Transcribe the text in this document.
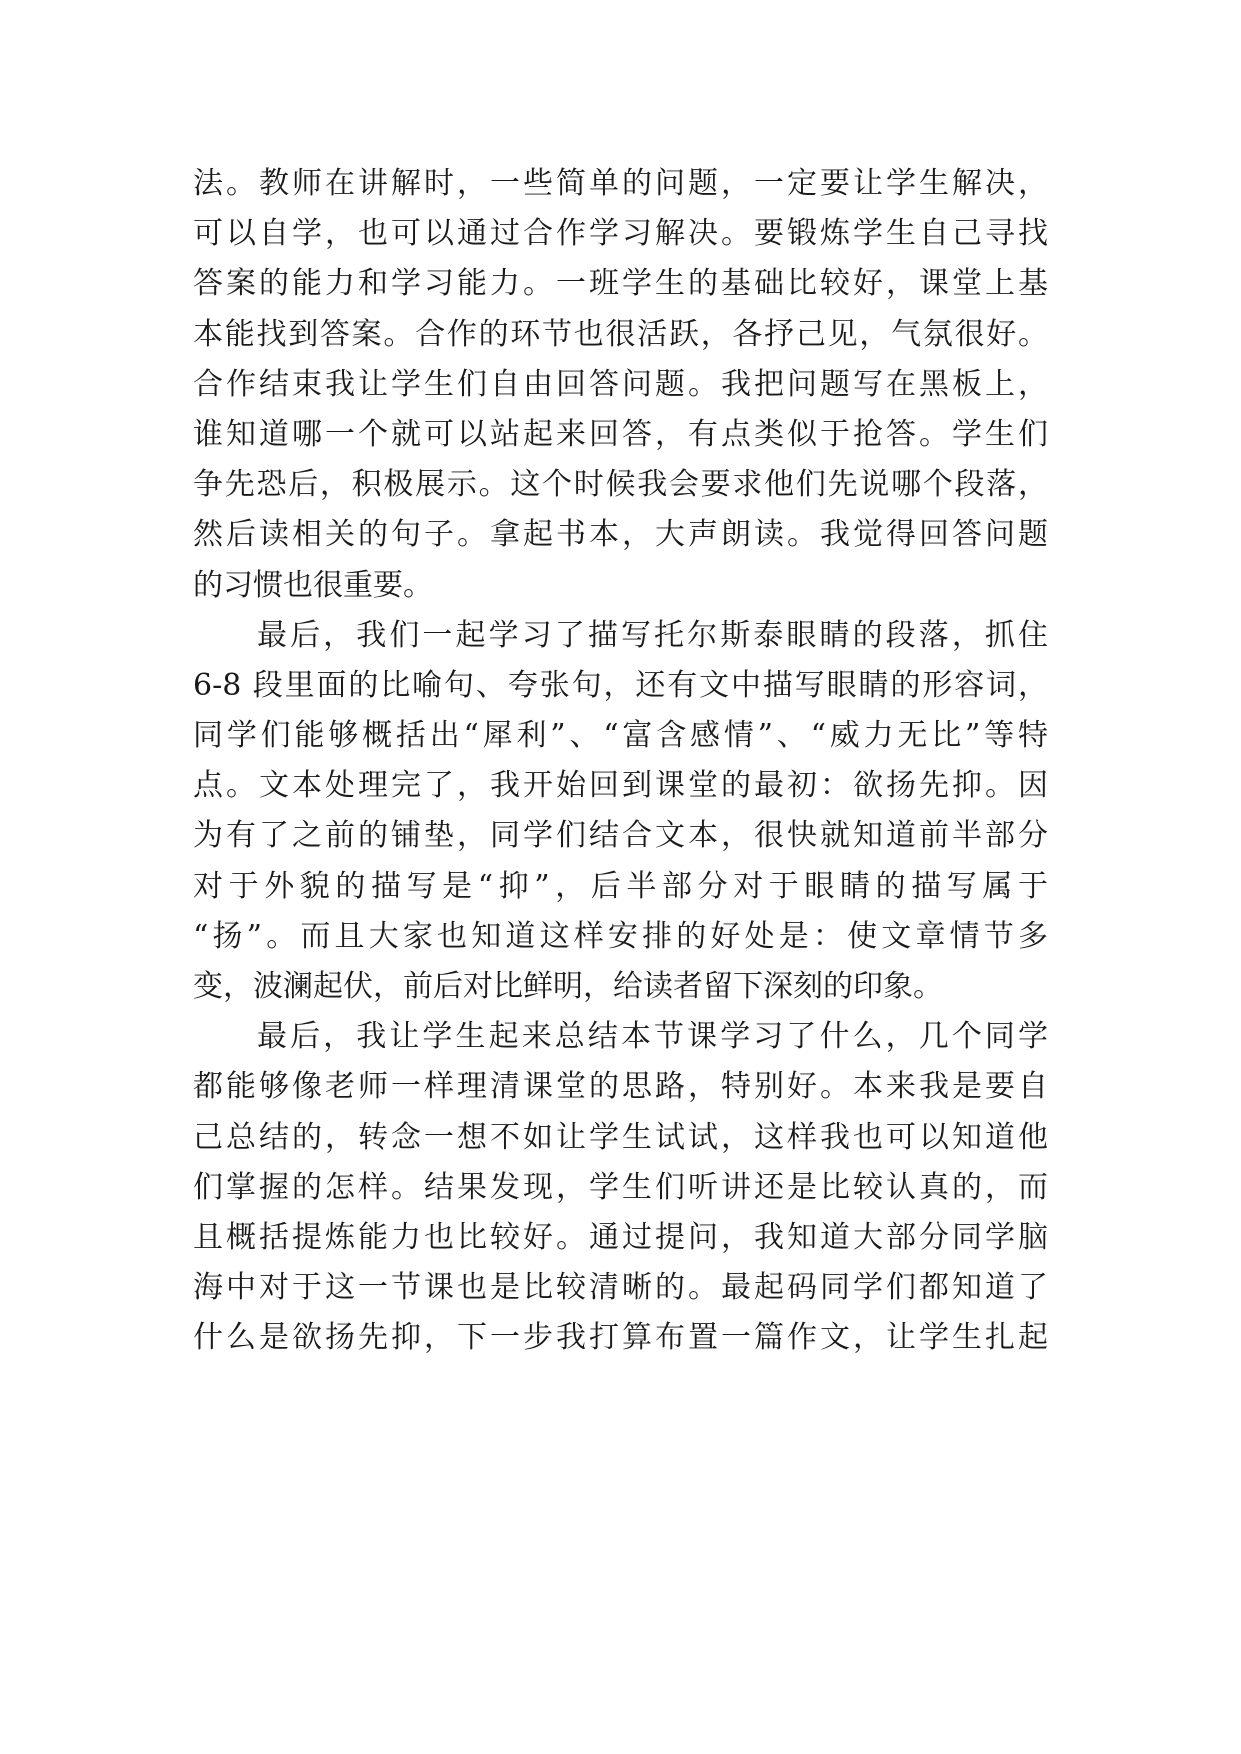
法。教师在讲解时，一些简单的问题，一定要让学生解决，
可以自学，也可以通过合作学习解决。要锻炼学生自己寻找
答案的能力和学习能力。一班学生的基础比较好，课堂上基
本能找到答案。合作的环节也很活跃，各抒己见，气氛很好。
合作结束我让学生们自由回答问题。我把问题写在黑板上，
谁知道哪一个就可以站起来回答，有点类似于抢答。学生们
争先恐后，积极展示。这个时候我会要求他们先说哪个段落，
然后读相关的句子。拿起书本，大声朗读。我觉得回答问题
的习惯也很重要。

最后，我们一起学习了描写托尔斯泰眼睛的段落，抓住
6-8 段里面的比喻句、夸张句，还有文中描写眼睛的形容词，
同学们能够概括出“犀利”、“富含感情”、“威力无比”等特
点。文本处理完了，我开始回到课堂的最初：欲扬先抑。因
为有了之前的铺垫，同学们结合文本，很快就知道前半部分
对于外貌的描写是“抑”，后半部分对于眼睛的描写属于
“扬”。而且大家也知道这样安排的好处是：使文章情节多
变，波澜起伏，前后对比鲜明，给读者留下深刻的印象。

最后，我让学生起来总结本节课学习了什么，几个同学
都能够像老师一样理清课堂的思路，特别好。本来我是要自
己总结的，转念一想不如让学生试试，这样我也可以知道他
们掌握的怎样。结果发现，学生们听讲还是比较认真的，而
且概括提炼能力也比较好。通过提问，我知道大部分同学脑
海中对于这一节课也是比较清晰的。最起码同学们都知道了
什么是欲扬先抑，下一步我打算布置一篇作文，让学生扎起
